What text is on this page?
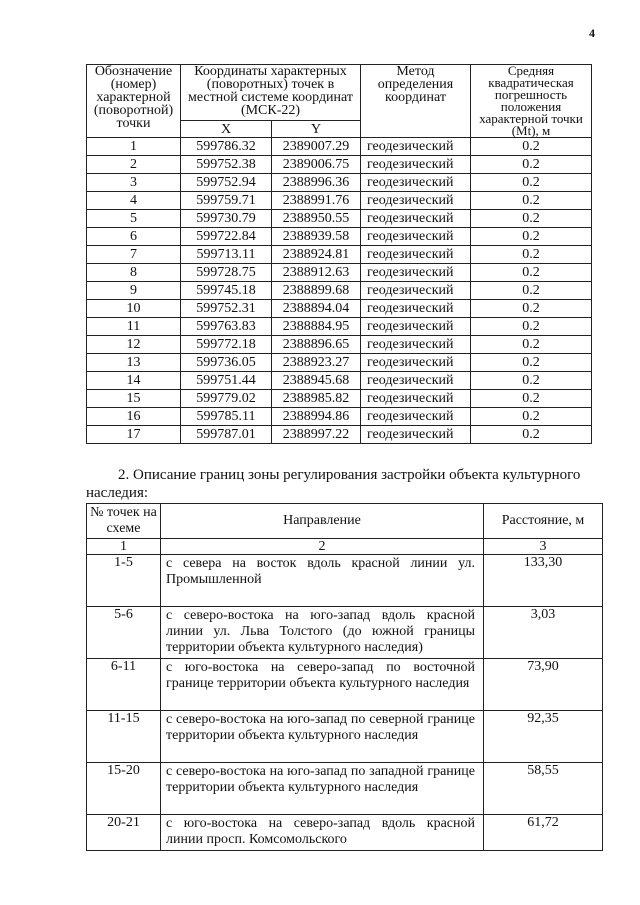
4
Обозначение (номер) характерной (поворотной) точки	Координаты характерных (поворотных) точек в местной системе координат (МСК-22)		Метод определения координат	Средняя квадратическая погрешность положения характерной точки (Mt), м
	X	Y		
1	599786.32	2389007.29	геодезический	0.2
2	599752.38	2389006.75	геодезический	0.2
3	599752.94	2388996.36	геодезический	0.2
4	599759.71	2388991.76	геодезический	0.2
5	599730.79	2388950.55	геодезический	0.2
6	599722.84	2388939.58	геодезический	0.2
7	599713.11	2388924.81	геодезический	0.2
8	599728.75	2388912.63	геодезический	0.2
9	599745.18	2388899.68	геодезический	0.2
10	599752.31	2388894.04	геодезический	0.2
11	599763.83	2388884.95	геодезический	0.2
12	599772.18	2388896.65	геодезический	0.2
13	599736.05	2388923.27	геодезический	0.2
14	599751.44	2388945.68	геодезический	0.2
15	599779.02	2388985.82	геодезический	0.2
16	599785.11	2388994.86	геодезический	0.2
17	599787.01	2388997.22	геодезический	0.2
2. Описание границ зоны регулирования застройки объекта культурного наследия:
№ точек на схеме	Направление	Расстояние, м
1	2	3
1-5	с севера на восток вдоль красной линии ул. Промышленной	133,30
5-6	с северо-востока на юго-запад вдоль красной линии ул. Льва Толстого (до южной границы территории объекта культурного наследия)	3,03
6-11	с юго-востока на северо-запад по восточной границе территории объекта культурного наследия	73,90
11-15	с северо-востока на юго-запад по северной границе территории объекта культурного наследия	92,35
15-20	с северо-востока на юго-запад по западной границе территории объекта культурного наследия	58,55
20-21	с юго-востока на северо-запад вдоль красной линии просп. Комсомольского	61,72
